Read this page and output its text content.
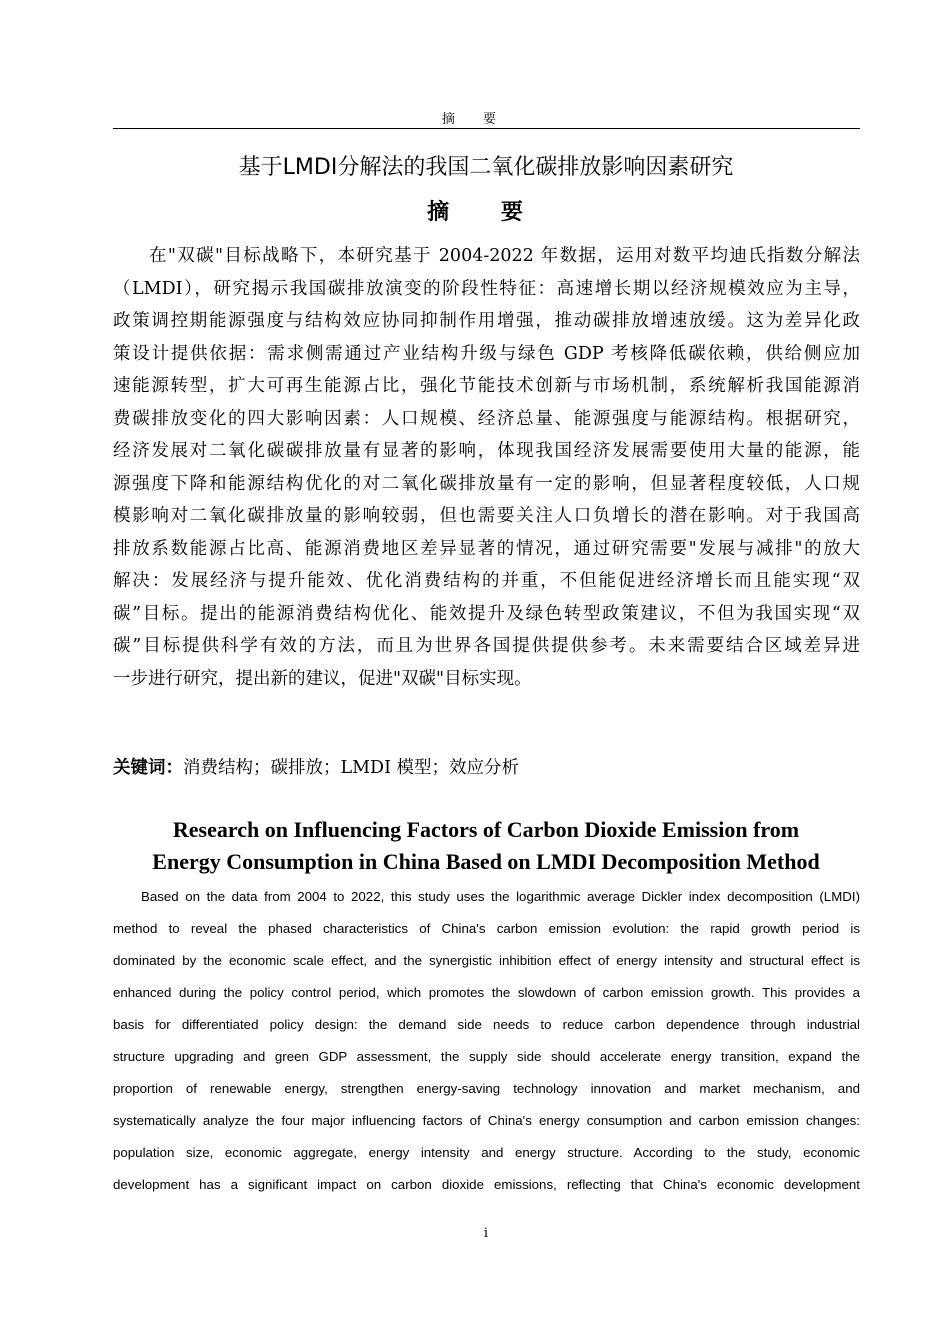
摘 要
基于LMDI分解法的我国二氧化碳排放影响因素研究
摘 要
在"双碳"目标战略下，本研究基于 2004-2022 年数据，运用对数平均迪氏指数分解法
（LMDI），研究揭示我国碳排放演变的阶段性特征：高速增长期以经济规模效应为主导，
政策调控期能源强度与结构效应协同抑制作用增强，推动碳排放增速放缓。这为差异化政
策设计提供依据：需求侧需通过产业结构升级与绿色 GDP 考核降低碳依赖，供给侧应加
速能源转型，扩大可再生能源占比，强化节能技术创新与市场机制，系统解析我国能源消
费碳排放变化的四大影响因素：人口规模、经济总量、能源强度与能源结构。根据研究，
经济发展对二氧化碳碳排放量有显著的影响，体现我国经济发展需要使用大量的能源，能
源强度下降和能源结构优化的对二氧化碳排放量有一定的影响，但显著程度较低，人口规
模影响对二氧化碳排放量的影响较弱，但也需要关注人口负增长的潜在影响。对于我国高
排放系数能源占比高、能源消费地区差异显著的情况，通过研究需要"发展与减排"的放大
解决：发展经济与提升能效、优化消费结构的并重，不但能促进经济增长而且能实现“双
碳”目标。提出的能源消费结构优化、能效提升及绿色转型政策建议，不但为我国实现“双
碳”目标提供科学有效的方法，而且为世界各国提供提供参考。未来需要结合区域差异进
一步进行研究，提出新的建议，促进"双碳"目标实现。
关键词：消费结构；碳排放；LMDI 模型；效应分析
Research on Influencing Factors of Carbon Dioxide Emission from
Energy Consumption in China Based on LMDI Decomposition Method
Based on the data from 2004 to 2022, this study uses the logarithmic average Dickler index decomposition (LMDI)
method to reveal the phased characteristics of China's carbon emission evolution: the rapid growth period is
dominated by the economic scale effect, and the synergistic inhibition effect of energy intensity and structural effect is
enhanced during the policy control period, which promotes the slowdown of carbon emission growth. This provides a
basis for differentiated policy design: the demand side needs to reduce carbon dependence through industrial
structure upgrading and green GDP assessment, the supply side should accelerate energy transition, expand the
proportion of renewable energy, strengthen energy-saving technology innovation and market mechanism, and
systematically analyze the four major influencing factors of China's energy consumption and carbon emission changes:
population size, economic aggregate, energy intensity and energy structure. According to the study, economic
development has a significant impact on carbon dioxide emissions, reflecting that China's economic development
i
